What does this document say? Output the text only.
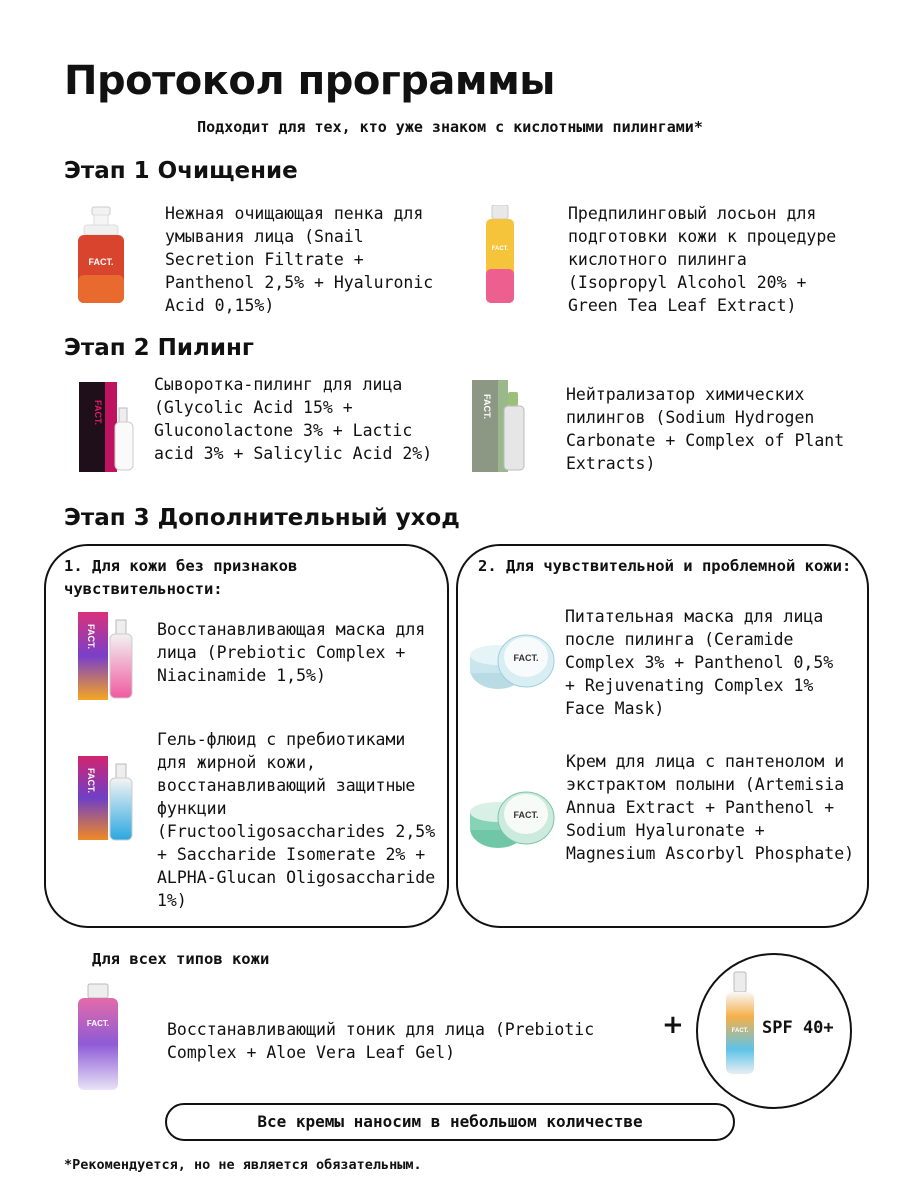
Протокол программы
Подходит для тех, кто уже знаком с кислотными пилингами*
Этап 1 Очищение
FACT.
Нежная очищающая пенка для умывания лица (Snail Secretion Filtrate + Panthenol 2,5% + Hyaluronic Acid 0,15%)
FACT.
Предпилинговый лосьон для подготовки кожи к процедуре кислотного пилинга (Isopropyl Alcohol 20% + Green Tea Leaf Extract)
Этап 2 Пилинг
FACT.
Сыворотка-пилинг для лица (Glycolic Acid 15% + Gluconolactone 3% + Lactic acid 3% + Salicylic Acid 2%)
FACT.	Нейтрализатор химических пилингов (Sodium Hydrogen Carbonate + Complex of Plant Extracts)
Этап 3 Дополнительный уход
1. Для кожи без признаков чувствительности:
FACT.	Восстанавливающая маска для лица (Prebiotic Complex + Niacinamide 1,5%)
FACT.
Гель-флюид с пребиотиками для жирной кожи, восстанавливающий защитные функции (Fructooligosaccharides 2,5% + Saccharide Isomerate 2% + ALPHA-Glucan Oligosaccharide 1%)
2. Для чувствительной и проблемной кожи:
FACT.
Питательная маска для лица после пилинга (Ceramide Complex 3% + Panthenol 0,5% + Rejuvenating Complex 1% Face Mask)
FACT.
Крем для лица с пантенолом и экстрактом полыни (Artemisia Annua Extract + Panthenol + Sodium Hyaluronate + Magnesium Ascorbyl Phosphate)
Для всех типов кожи
FACT.	Восстанавливающий тоник для лица (Prebiotic Complex + Aloe Vera Leaf Gel)
+	FACT. SPF 40+
Все кремы наносим в небольшом количестве
*Рекомендуется, но не является обязательным.
